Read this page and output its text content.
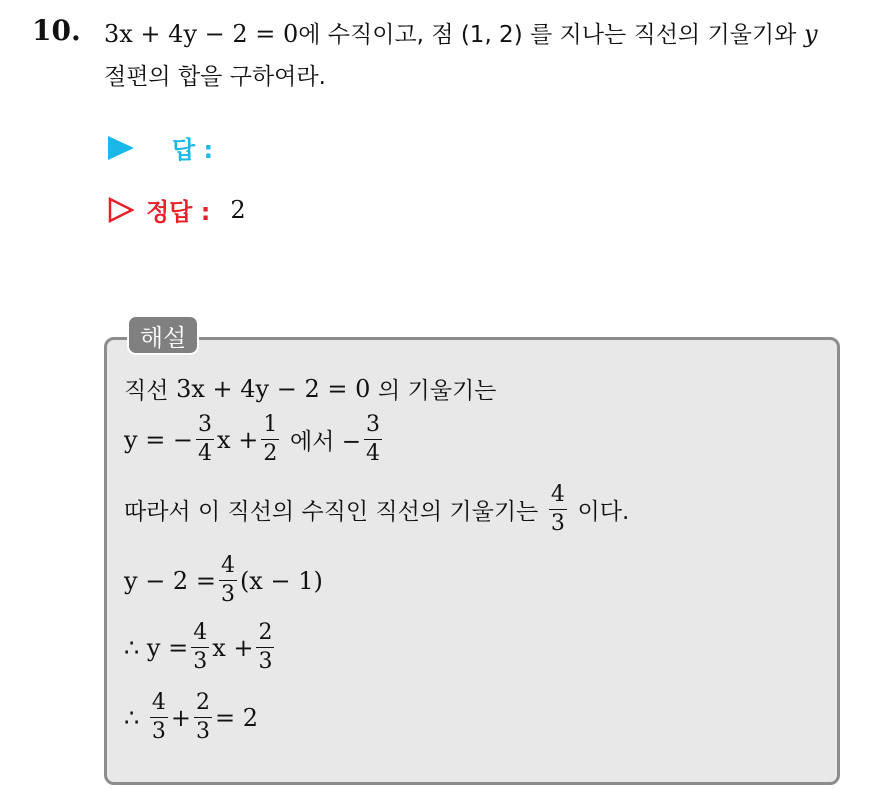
10. 3x + 4y − 2 = 0에 수직이고, 점 (1, 2) 를 지나는 직선의 기울기와 y
절편의 합을 구하여라.
답 :
정답 : 2
해설
직선
3x + 4y − 2 = 0
의 기울기는
y = − $\frac{3}{4}$ $x + \frac{1}{2}$
에서 − $\frac{3}{4}$
따라서 이 직선의 수직인 직선의 기울기는
$\frac{4}{3}$
이다.
$y - 2 = \frac{4}{3} (x - 1)$
∴ $y = \frac{4}{3}$ $x + \frac{2}{3}$
∴
$\frac{4}{3} + \frac{2}{3} = 2$
